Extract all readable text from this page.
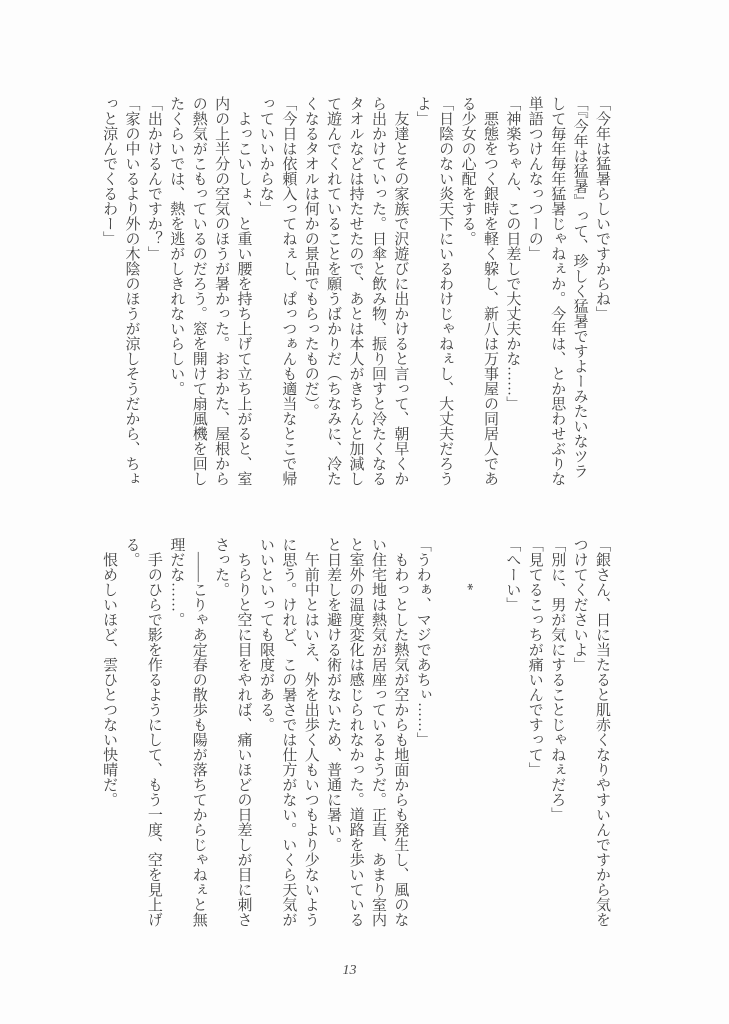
「今年は猛暑らしいですからね」

「『今年は猛暑』って、珍しく猛暑ですよーみたいなツラして毎年毎年猛暑じゃねぇか。今年は、とか思わせぶりな単語つけんなっつーの」

「神楽ちゃん、この日差しで大丈夫かな……」

　悪態をつく銀時を軽く躱し、新八は万事屋の同居人である少女の心配をする。

「日陰のない炎天下にいるわけじゃねぇし、大丈夫だろうよ」

　友達とその家族で沢遊びに出かけると言って、朝早くから出かけていった。日傘と飲み物、振り回すと冷たくなるタオルなどは持たせたので、あとは本人がきちんと加減して遊んでくれていることを願うばかりだ（ちなみに、冷たくなるタオルは何かの景品でもらったものだ）。

「今日は依頼入ってねぇし、ぱっつぁんも適当なとこで帰っていいからな」

　よっこいしょ、と重い腰を持ち上げて立ち上がると、室内の上半分の空気のほうが暑かった。おおかた、屋根からの熱気がこもっているのだろう。窓を開けて扇風機を回したくらいでは、熱を逃がしきれないらしい。

「出かけるんですか？」

「家の中いるより外の木陰のほうが涼しそうだから、ちょっと涼んでくるわー」

「銀さん、日に当たると肌赤くなりやすいんですから気をつけてくださいよ」

「別に、男が気にすることじゃねぇだろ」

「見てるこっちが痛いんですって」

「へーい」

*

「うわぁ、マジであちぃ……」

　もわっとした熱気が空からも地面からも発生し、風のない住宅地は熱気が居座っているようだ。正直、あまり室内と室外の温度変化は感じられなかった。道路を歩いていると日差しを避ける術がないため、普通に暑い。

　午前中とはいえ、外を出歩く人もいつもより少ないように思う。けれど、この暑さでは仕方がない。いくら天気がいいといっても限度がある。

　ちらりと空に目をやれば、痛いほどの日差しが目に刺ささった。

　――こりゃあ定春の散歩も陽が落ちてからじゃねぇと無理だな……。

　手のひらで影を作るようにして、もう一度、空を見上げる。

　恨めしいほど、雲ひとつない快晴だ。

13
